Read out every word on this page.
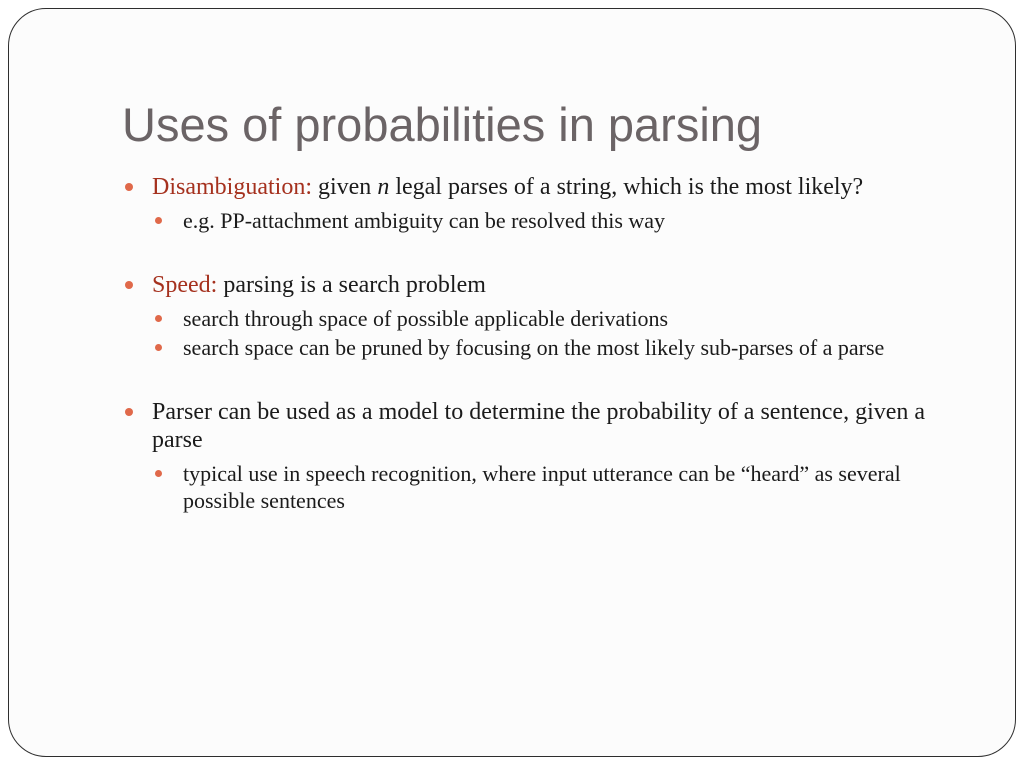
Uses of probabilities in parsing
Disambiguation: given n legal parses of a string, which is the most likely?
e.g. PP-attachment ambiguity can be resolved this way
Speed: parsing is a search problem
search through space of possible applicable derivations
search space can be pruned by focusing on the most likely sub-parses of a parse
Parser can be used as a model to determine the probability of a sentence, given a parse
typical use in speech recognition, where input utterance can be “heard” as several possible sentences
